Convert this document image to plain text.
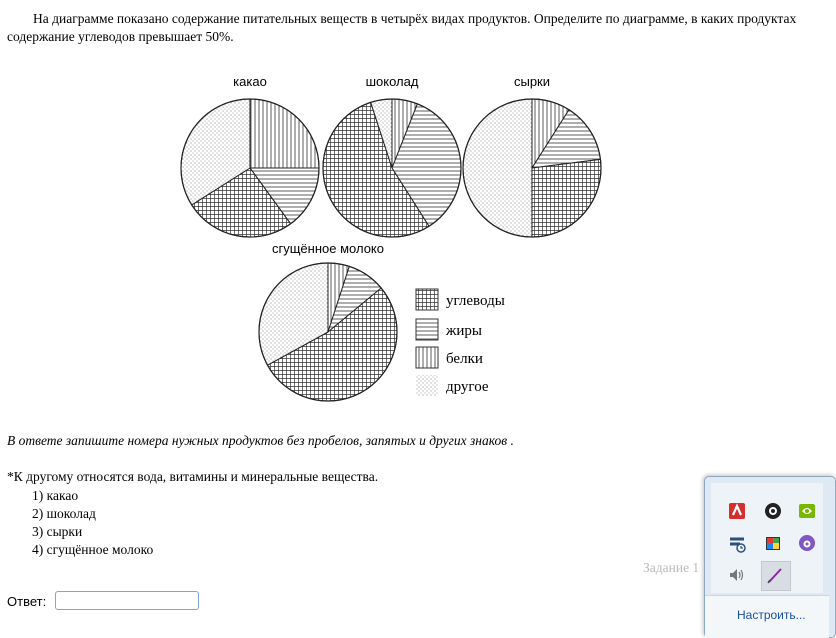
На диаграмме показано содержание питательных веществ в четырёх видах продуктов. Определите по диаграмме, в каких продуктах содержание углеводов превышает 50%.
какао	шоколад	сырки
сгущённое молоко
углеводы
жиры
белки
другое
В ответе запишите номера нужных продуктов без пробелов, запятых и других знаков .
*К другому относятся вода, витамины и минеральные вещества.
1) какао
2) шоколад
3) сырки
4) сгущённое молоко
Задание 1
Ответ:
Настроить...
